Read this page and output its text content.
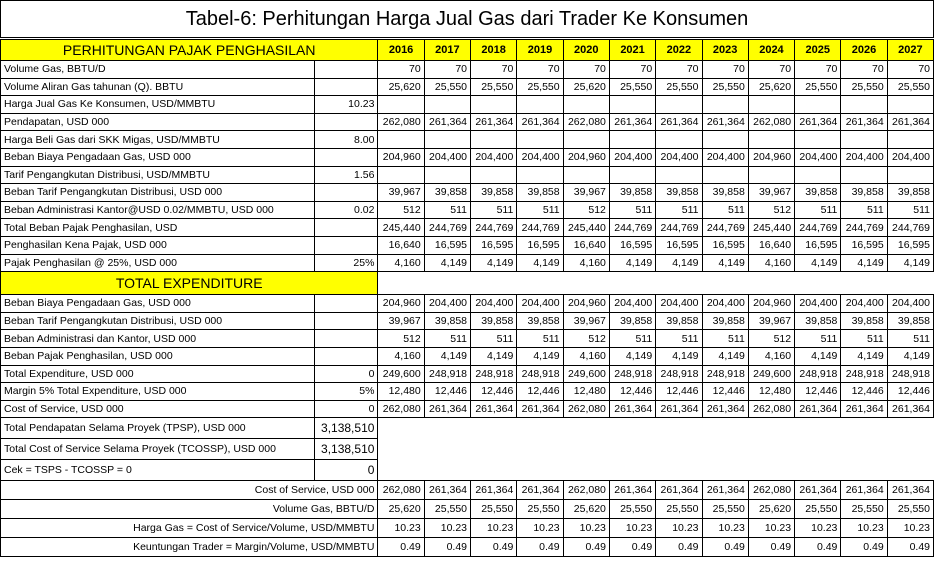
Tabel-6: Perhitungan Harga Jual Gas dari Trader Ke Konsumen
PERHITUNGAN PAJAK PENGHASILAN		2016	2017	2018	2019	2020	2021	2022	2023	2024	2025	2026	2027
Volume Gas, BBTU/D		70	70	70	70	70	70	70	70	70	70	70	70
Volume Aliran Gas tahunan (Q). BBTU		25,620	25,550	25,550	25,550	25,620	25,550	25,550	25,550	25,620	25,550	25,550	25,550
Harga Jual Gas Ke Konsumen, USD/MMBTU	10.23												
Pendapatan, USD 000		262,080	261,364	261,364	261,364	262,080	261,364	261,364	261,364	262,080	261,364	261,364	261,364
Harga Beli Gas dari SKK Migas, USD/MMBTU	8.00												
Beban Biaya Pengadaan Gas, USD 000		204,960	204,400	204,400	204,400	204,960	204,400	204,400	204,400	204,960	204,400	204,400	204,400
Tarif Pengangkutan Distribusi, USD/MMBTU	1.56												
Beban Tarif Pengangkutan Distribusi, USD 000		39,967	39,858	39,858	39,858	39,967	39,858	39,858	39,858	39,967	39,858	39,858	39,858
Beban Administrasi Kantor@USD 0.02/MMBTU, USD 000	0.02	512	511	511	511	512	511	511	511	512	511	511	511
Total Beban Pajak Penghasilan, USD		245,440	244,769	244,769	244,769	245,440	244,769	244,769	244,769	245,440	244,769	244,769	244,769
Penghasilan Kena Pajak, USD 000		16,640	16,595	16,595	16,595	16,640	16,595	16,595	16,595	16,640	16,595	16,595	16,595
Pajak Penghasilan @ 25%, USD 000	25%	4,160	4,149	4,149	4,149	4,160	4,149	4,149	4,149	4,160	4,149	4,149	4,149
TOTAL EXPENDITURE													
Beban Biaya Pengadaan Gas, USD 000		204,960	204,400	204,400	204,400	204,960	204,400	204,400	204,400	204,960	204,400	204,400	204,400
Beban Tarif Pengangkutan Distribusi, USD 000		39,967	39,858	39,858	39,858	39,967	39,858	39,858	39,858	39,967	39,858	39,858	39,858
Beban Administrasi dan Kantor, USD 000		512	511	511	511	512	511	511	511	512	511	511	511
Beban Pajak Penghasilan, USD 000		4,160	4,149	4,149	4,149	4,160	4,149	4,149	4,149	4,160	4,149	4,149	4,149
Total Expenditure, USD 000	0	249,600	248,918	248,918	248,918	249,600	248,918	248,918	248,918	249,600	248,918	248,918	248,918
Margin 5% Total Expenditure, USD 000	5%	12,480	12,446	12,446	12,446	12,480	12,446	12,446	12,446	12,480	12,446	12,446	12,446
Cost of Service, USD 000	0	262,080	261,364	261,364	261,364	262,080	261,364	261,364	261,364	262,080	261,364	261,364	261,364
Total Pendapatan Selama Proyek (TPSP), USD 000	3,138,510												
Total Cost of Service Selama Proyek (TCOSSP), USD 000	3,138,510												
Cek = TSPS - TCOSSP = 0	0												
Cost of Service, USD 000		262,080	261,364	261,364	261,364	262,080	261,364	261,364	261,364	262,080	261,364	261,364	261,364
Volume Gas, BBTU/D		25,620	25,550	25,550	25,550	25,620	25,550	25,550	25,550	25,620	25,550	25,550	25,550
Harga Gas = Cost of Service/Volume, USD/MMBTU		10.23	10.23	10.23	10.23	10.23	10.23	10.23	10.23	10.23	10.23	10.23	10.23
Keuntungan Trader = Margin/Volume, USD/MMBTU		0.49	0.49	0.49	0.49	0.49	0.49	0.49	0.49	0.49	0.49	0.49	0.49
